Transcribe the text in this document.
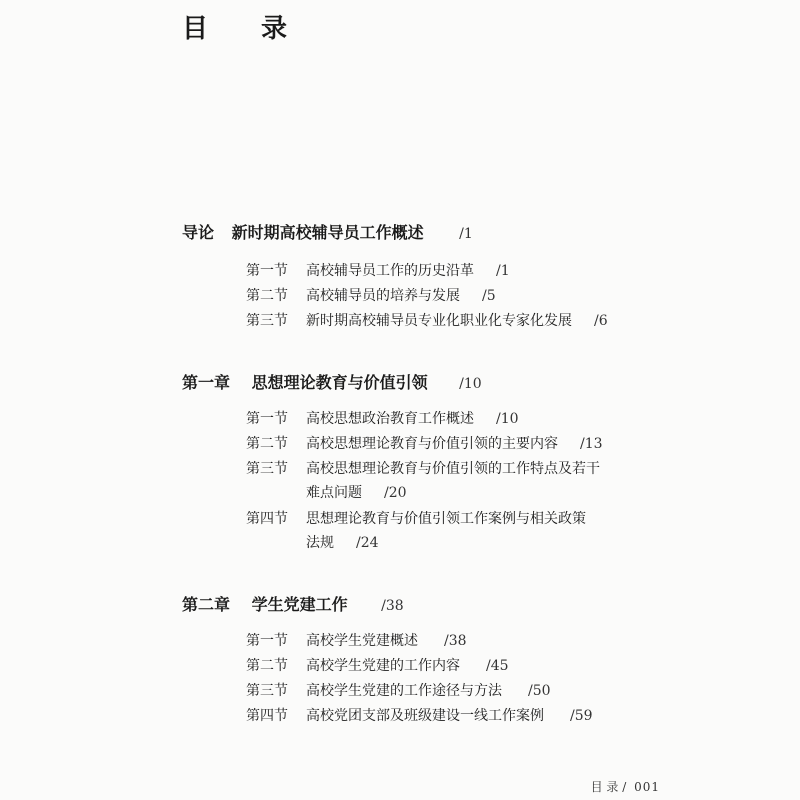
目 录
导论 新时期高校辅导员工作概述	/1
第一节 高校辅导员工作的历史沿革 /1
第二节 高校辅导员的培养与发展 /5
第三节 新时期高校辅导员专业化职业化专家化发展 /6
第一章 思想理论教育与价值引领 /10
第一节 高校思想政治教育工作概述 /10
第二节 高校思想理论教育与价值引领的主要内容 /13
第三节 高校思想理论教育与价值引领的工作特点及若干
难点问题 /20
第四节 思想理论教育与价值引领工作案例与相关政策
法规 /24
第二章 学生党建工作 /38
第一节 高校学生党建概述 /38
第二节 高校学生党建的工作内容 /45
第三节 高校学生党建的工作途径与方法 /50
第四节 高校党团支部及班级建设一线工作案例 /59
目 录 / 001
